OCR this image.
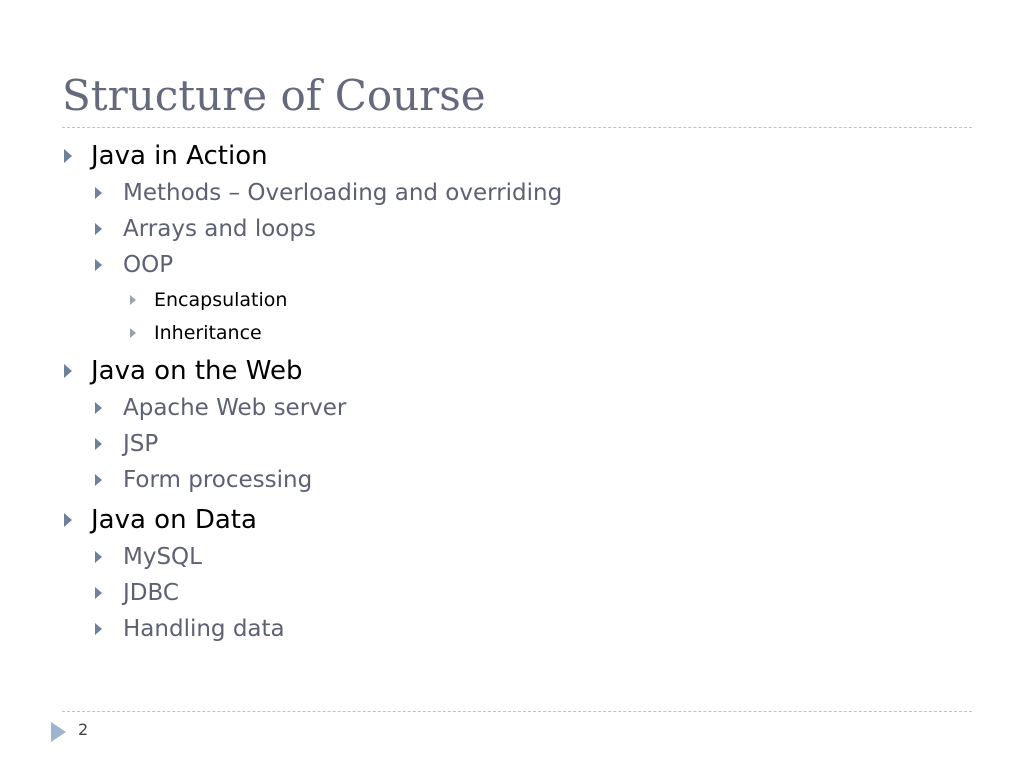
Structure of Course
Java in Action
Methods – Overloading and overriding
Arrays and loops
OOP
Encapsulation
Inheritance
Java on the Web
Apache Web server
JSP
Form processing
Java on Data
MySQL
JDBC
Handling data
2
